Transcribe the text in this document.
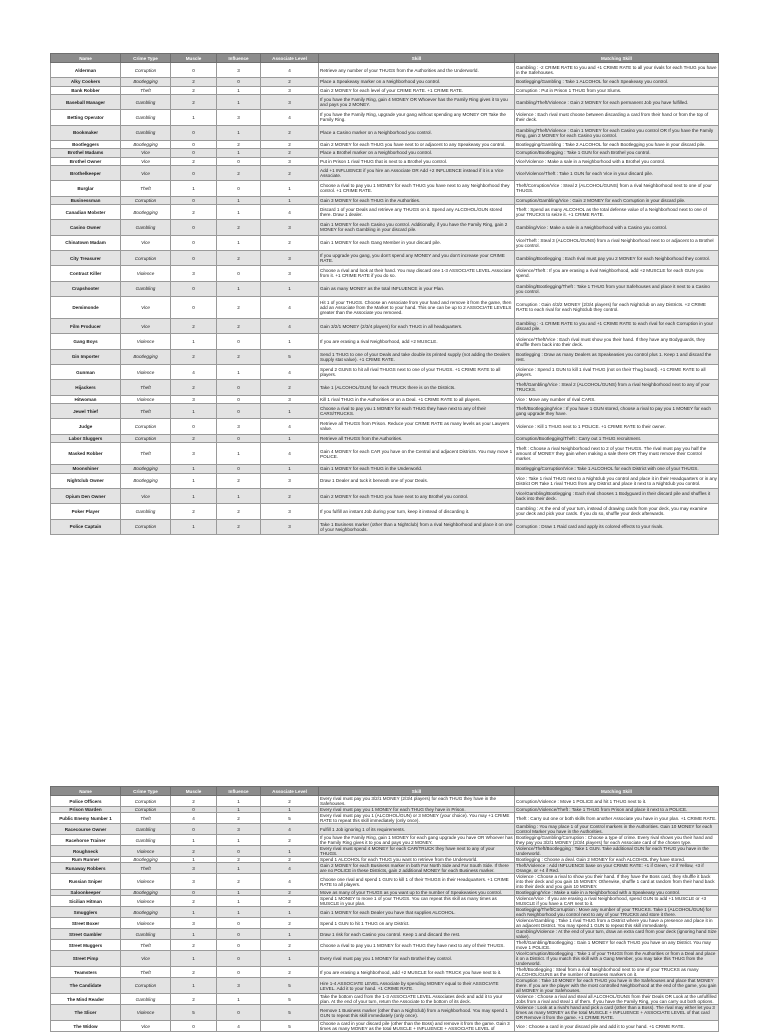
Name	Crime Type	Muscle	Influence	Associate Level	Skill	Matching Skill
Alderman	Corruption	0	3	4	Retrieve any number of your THUGS from the Authorities and the Underworld.	Gambling : -2 CRIME RATE to you and +1 CRIME RATE to all your rivals for each THUG you have in the Safehouses.
Alky Cookers	Bootlegging	2	0	2	Place a Speakeasy marker on a Neighborhood you control.	Bootlegging/Gambling : Take 1 ALCOHOL for each Speakeasy you control.
Bank Robber	Theft	2	1	3	Gain 2 MONEY for each level of your CRIME RATE. +1 CRIME RATE.	Corruption : Put in Prison 1 THUG from your Slums.
Baseball Manager	Gambling	2	1	3	If you have the Family Ring, gain 4 MONEY OR Whoever has the Family Ring gives it to you and pays you 2 MONEY.	Gambling/Theft/Violence : Gain 2 MONEY for each permanent Job you have fulfilled.
Betting Operator	Gambling	1	3	4	If you have the Family Ring, upgrade your gang without spending any MONEY OR Take the Family Ring.	Violence : Each rival must choose between discarding a card from their hand or from the top of their deck.
Bookmaker	Gambling	0	1	2	Place a Casino marker on a Neighborhood you control.	Gambling/Theft/Violence : Gain 1 MONEY for each Casino you control OR If you have the Family Ring, gain 2 MONEY for each Casino you control.
Bootleggers	Bootlegging	0	2	2	Gain 2 MONEY for each THUG you have next to or adjacent to any Speakeasy you control.	Bootlegging/Gambling : Take 2 ALCOHOL for each Bootlegging you have in your discard pile.
Brothel Madams	Vice	0	1	2	Place a Brothel marker on a Neighborhood you control.	Corruption/Bootlegging : Take 1 GUN for each Brothel you control.
Brothel Owner	Vice	2	0	3	Put in Prison 1 rival THUG that is next to a Brothel you control.	Vice/Violence : Make a sale in a Neighborhood with a Brothel you control.
Brothelkeeper	Vice	0	2	2	Add +1 INFLUENCE if you hire an Associate OR Add +2 INFLUENCE instead if it is a Vice Associate.	Vice/Violence/Theft : Take 1 GUN for each Vice in your discard pile.
Burglar	Theft	1	0	1	Choose a rival to pay you 1 MONEY for each THUG you have next to any Neighborhood they control. +1 CRIME RATE.	Theft/Corruption/Vice : Steal 2 (ALCOHOL/GUNS) from a rival Neighborhood next to one of your THUGS.
Businessman	Corruption	0	1	1	Gain 3 MONEY for each THUG in the Authorities.	Corruption/Gambling/Vice : Gain 2 MONEY for each Corruption in your discard pile.
Canadian Mobster	Bootlegging	2	1	4	Discard 1 of your Deals and retrieve any THUGS on it. Spend any ALCOHOL/GUN stored there. Draw 1 dealer.	Theft : Spend as many ALCOHOL as the total defense value of a Neighborhood next to one of your TRUCKS to seize it. +1 CRIME RATE.
Casino Owner	Gambling	0	2	3	Gain 1 MONEY for each Casino you control. Additionally, if you have the Family Ring, gain 2 MONEY for each Gambling in your discard pile.	Gambling/Vice : Make a sale in a Neighborhood with a Casino you control.
Chinatown Madam	Vice	0	1	2	Gain 1 MONEY for each Gang Member in your discard pile.	Vice/Theft : Steal 3 (ALCOHOL/GUNS) from a rival Neighborhood next to or adjacent to a Brothel you control.
City Treasurer	Corruption	0	2	3	If you upgrade you gang, you don't spend any MONEY and you don't increase your CRIME RATE.	Gambling/Bootlegging : Each rival must pay you 2 MONEY for each Neighborhood they control.
Contract Killer	Violence	3	0	3	Choose a rival and look at their hand. You may discard one 1-3 ASSOCIATE LEVEL Associate from it. +1 CRIME RATE if you do so.	Violence/Theft : If you are erasing a rival Neighborhood, add +2 MUSCLE for each GUN you spend.
Crapshooter	Gambling	0	1	1	Gain as many MONEY as the total INFLUENCE in your Plan.	Gambling/Bootlegging/Theft : Take 1 THUG from your Safehouses and place it next to a Casino you control.
Demimonde	Vice	0	2	4	Hit 1 of your THUGS. Choose an Associate from your hand and remove it from the game, then add an Associate from the Market to your hand. This one can be up to 2 ASSOCIATE LEVELS greater than the Associate you removed.	Corruption : Gain 4/3/2 MONEY (2/3/4 players) for each Nightclub on any Districts. +2 CRIME RATE to each rival for each Nightclub they control.
Film Producer	Vice	2	2	4	Gain 3/2/1 MONEY (2/3/4 players) for each THUG in all headquarters.	Gambling : -1 CRIME RATE to you and +1 CRIME RATE to each rival for each Corruption in your discard pile.
Gang Boys	Violence	1	0	1	If you are erasing a rival Neighborhood, add +2 MUSCLE.	Violence/Theft/Vice : Each rival must show you their hand. If they have any Bodyguards, they shuffle them back into their deck.
Gin Importer	Bootlegging	2	2	5	Send 1 THUG to one of your Deals and take double its printed supply (not adding the Dealers Supply stat value). +1 CRIME RATE.	Bootlegging : Draw as many Dealers as Speakeasies you control plus 1. Keep 1 and discard the rest.
Gunman	Violence	4	1	4	Spend 2 GUNS to hit all rival THUGS next to one of your THUGS. +1 CRIME RATE to all players.	Violence : Spend 1 GUN to kill 1 rival THUG (not on their Thug board). +1 CRIME RATE to all players.
Hijackers	Theft	2	0	2	Take 1 (ALCOHOL/GUN) for each TRUCK there is on the Districts.	Theft/Gambling/Vice : Steal 2 (ALCOHOL/GUNS) from a rival Neighborhood next to any of your TRUCKS.
Hitwoman	Violence	3	0	3	Kill 1 rival THUG in the Authorities or on a Deal. +1 CRIME RATE to all players.	Vice : Move any number of rival CARS.
Jewel Thief	Theft	1	0	1	Choose a rival to pay you 1 MONEY for each THUG they have next to any of their CARS/TRUCKS.	Theft/Bootlegging/Vice : If you have 1 GUN stored, choose a rival to pay you 1 MONEY for each gang upgrade they have.
Judge	Corruption	0	3	4	Retrieve all THUGS from Prison. Reduce your CRIME RATE as many levels as your Lawyers value.	Violence : Kill 1 THUG next to 1 POLICE. +1 CRIME RATE to their owner.
Labor Sluggers	Corruption	2	0	1	Retrieve all THUGS from the Authorities.	Corruption/Bootlegging/Theft : Carry out 1 THUG recruitment.
Masked Robber	Theft	3	1	4	Gain 4 MONEY for each CAR you have on the Central and adjacent Districts. You may move 1 POLICE.	Theft : Choose a rival Neighborhood next to 2 of your THUGS. The rival must pay you half the amount of MONEY they gain when making a sale there OR They must remove their Control marker.
Moonshiner	Bootlegging	1	0	1	Gain 1 MONEY for each THUG in the Underworld.	Bootlegging/Corruption/Vice : Take 1 ALCOHOL for each District with one of your THUGS.
Nightclub Owner	Bootlegging	1	2	3	Draw 1 Dealer and tuck it beneath one of your Deals.	Vice : Take 1 rival THUG next to a Nightclub you control and place it in their Headquarters or in any District OR Take 1 rival THUG from any District and place it next to a Nightclub you control.
Opium Den Owner	Vice	1	1	2	Gain 2 MONEY for each THUG you have next to any Brothel you control.	Vice/Gambling/Bootlegging : Each rival chooses 1 Bodyguard in their discard pile and shuffles it back into their deck.
Poker Player	Gambling	2	2	3	If you fulfill an instant Job during your turn, keep it instead of discarding it.	Gambling : At the end of your turn, instead of drawing cards from your deck, you may examine your deck and pick your cards. If you do so, shuffle your deck afterwards.
Police Captain	Corruption	1	2	3	Take 1 Business marker (other than a Nightclub) from a rival Neighborhood and place it on one of your Neighborhoods.	Corruption : Draw 1 Raid card and apply its colored effects to your rivals.
Name	Crime Type	Muscle	Influence	Associate Level	Skill	Matching Skill
Police Officers	Corruption	2	1	2	Every rival must pay you 3/2/1 MONEY (2/3/4 players) for each THUG they have in the Safehouses.	Corruption/Violence : Move 1 POLICE and hit 1 THUG next to it.
Prison Warden	Corruption	0	1	1	Every rival must pay you 1 MONEY for each THUG they have in Prison.	Corruption/Violence/Theft : Take 1 THUG from Prison and place it next to a POLICE.
Public Enemy Number 1	Theft	4	2	5	Every rival must pay you 1 (ALCOHOL/GUN) or 3 MONEY (your choice). You may +1 CRIME RATE to repeat this skill immediately (only once).	Theft : Carry out one or both skills from another Associate you have in your plan. +1 CRIME RATE.
Racecourse Owner	Gambling	0	3	4	Fulfill 1 Job ignoring 1 of its requirements.	Gambling : You may place 1 of your Control markers in the Authorities. Gain 10 MONEY for each Control Marker you have in the Authorities.
Racehorse Trainer	Gambling	1	1	2	If you have the Family Ring, gain 1 MONEY for each gang upgrade you have OR Whoever has the Family Ring gives it to you and pays you 2 MONEY.	Bootlegging/Gambling/Corruption : Choose a type of crime. Every rival shows you their hand and they pay you 3/2/1 MONEY (2/3/4 players) for each Associate card of the chosen type.
Roughneck	Violence	2	0	1	Every rival must spend 4 MONEY for each CAR/TRUCK they have next to any of your THUGS.	Violence/Theft/Bootlegging : Take 1 GUN. Take additional GUN for each THUG you have in the Underworld.
Rum Runner	Bootlegging	1	2	2	Spend 1 ALCOHOL for each THUG you want to retrieve from the Underworld.	Bootlegging : Choose a deal. Gain 2 MONEY for each ALCOHOL they have stored.
Runaway Robbers	Theft	3	1	4	Gain 2 MONEY for each Business marker in both Far North Side and Far South Side. If there are no POLICE in these Districts, gain 2 additional MONEY for each Business marker.	Theft/Violence : Add INFLUENCE base on your CRIME RATE: +1 if Green, +2 if Yellow, +3 if Orange, or +4 if Red.
Russian Sniper	Violence	3	2	4	Choose one rival and spend 1 GUN to kill 1 of their THUGS in their Headquarters. +1 CRIME RATE to all players.	Violence : Choose a rival to show you their hand. If they have the Boss card, they shuffle it back into their deck and you gain 15 MONEY. Otherwise, shuffle 1 card at random from their hand back into their deck and you gain 10 MONEY.
Saloonkeeper	Bootlegging	0	1	2	Move as many of your THUGS as you want up to the number of Speakeasies you control.	Bootlegging/Vice : Make a sale in a Neighborhood with a Speakeasy you control.
Sicilian Hitman	Violence	2	1	2	Spend 1 MONEY to move 1 of your THUGS. You can repeat this skill as many times as MUSCLE in your plan.	Violence/Vice : If you are erasing a rival Neighborhood, spend GUN to add +1 MUSCLE or +3 MUSCLE if you have a CAR next to it.
Smugglers	Bootlegging	1	1	1	Gain 1 MONEY for each Dealer you have that supplies ALCOHOL.	Bootlegging/Theft/Corruption : Move any number of your TRUCKS. Take 1 (ALCOHOL/GUN) for each Neighborhood you control next to any of your TRUCKS and store it there.
Street Boxer	Violence	3	0	2	Spend 1 GUN to hit 1 THUG on any District.	Violence/Gambling : Take 1 rival THUG from a District where you have a presence and place it in an adjacent District. You may spend 1 GUN to repeat this skill immediately.
Street Gambler	Gambling	1	0	1	Draw 1 risk for each Casino you control. Keep 1 and discard the rest.	Gambling/Violence : At the end of your turn, draw an extra card from your deck (ignoring hand Size value).
Street Muggers	Theft	2	0	2	Choose a rival to pay you 1 MONEY for each THUG they have next to any of their THUGS.	Theft/Gambling/Bootlegging : Gain 1 MONEY for each THUG you have on any District. You may move 1 POLICE.
Street Pimp	Vice	1	0	1	Every rival must pay you 1 MONEY for each Brothel they control.	Vice/Corruption/Bootlegging : Take 1 of your THUGS from the Authorities or from a Deal and place it on a District. If you match this skill with a Gang Member, you may take this THUG from the Underworld.
Teamsters	Theft	2	0	2	If you are erasing a Neighborhood, add +2 MUSCLE for each TRUCK you have next to it.	Theft/Bootlegging : Steal from a rival Neighborhood next to one of your TRUCKS as many ALCOHOL/GUNS as the number of Business markers on it.
The Candidate	Corruption	1	3	5	Hire 1-4 ASSOCIATE LEVEL Associate by spending MONEY equal to their ASSOCIATE LEVEL. Add it to your hand. +1 CRIME RATE.	Corruption : Take 10 MONEY for each THUG you have in the Safehouses and place that MONEY there. If you are the player with the most controlled Neighborhood at the end of the game, you gain all MONEY in your Safehouses.
The Mind Reader	Gambling	2	1	5	Take the bottom card from the 1-3 ASSOCIATE LEVEL Associates deck and add it to your plan. At the end of your turn, return the Associate to the bottom of its deck.	Violence : Choose a rival and steal all ALCOHOL/GUNS from their Deals OR Look at the unfulfilled Jobs from a rival and steal 1 of them. If you have the Family Ring, you can carry out both options.
The Slicer	Violence	5	0	5	Remove 1 Business marker (other than a Nightclub) from a Neighborhood. You may spend 1 GUN to repeat this skill immediately (only once).	Violence : Look at a rival's hand and pick a card (other than a Boss). The rival may either let you 3 times as many MONEY as the total MUSCLE + INFLUENCE + ASSOCIATE LEVEL of that card OR Remove it from the game. +1 CRIME RATE.
The Widow	Vice	0	4	5	Choose a card in your discard pile (other than the Boss) and remove it from the game. Gain 3 times as many MONEY as the total MUSCLE + INFLUENCE + ASSOCIATE LEVEL of	Vice : Choose a card in your discard pile and add it to your hand. +1 CRIME RATE.
